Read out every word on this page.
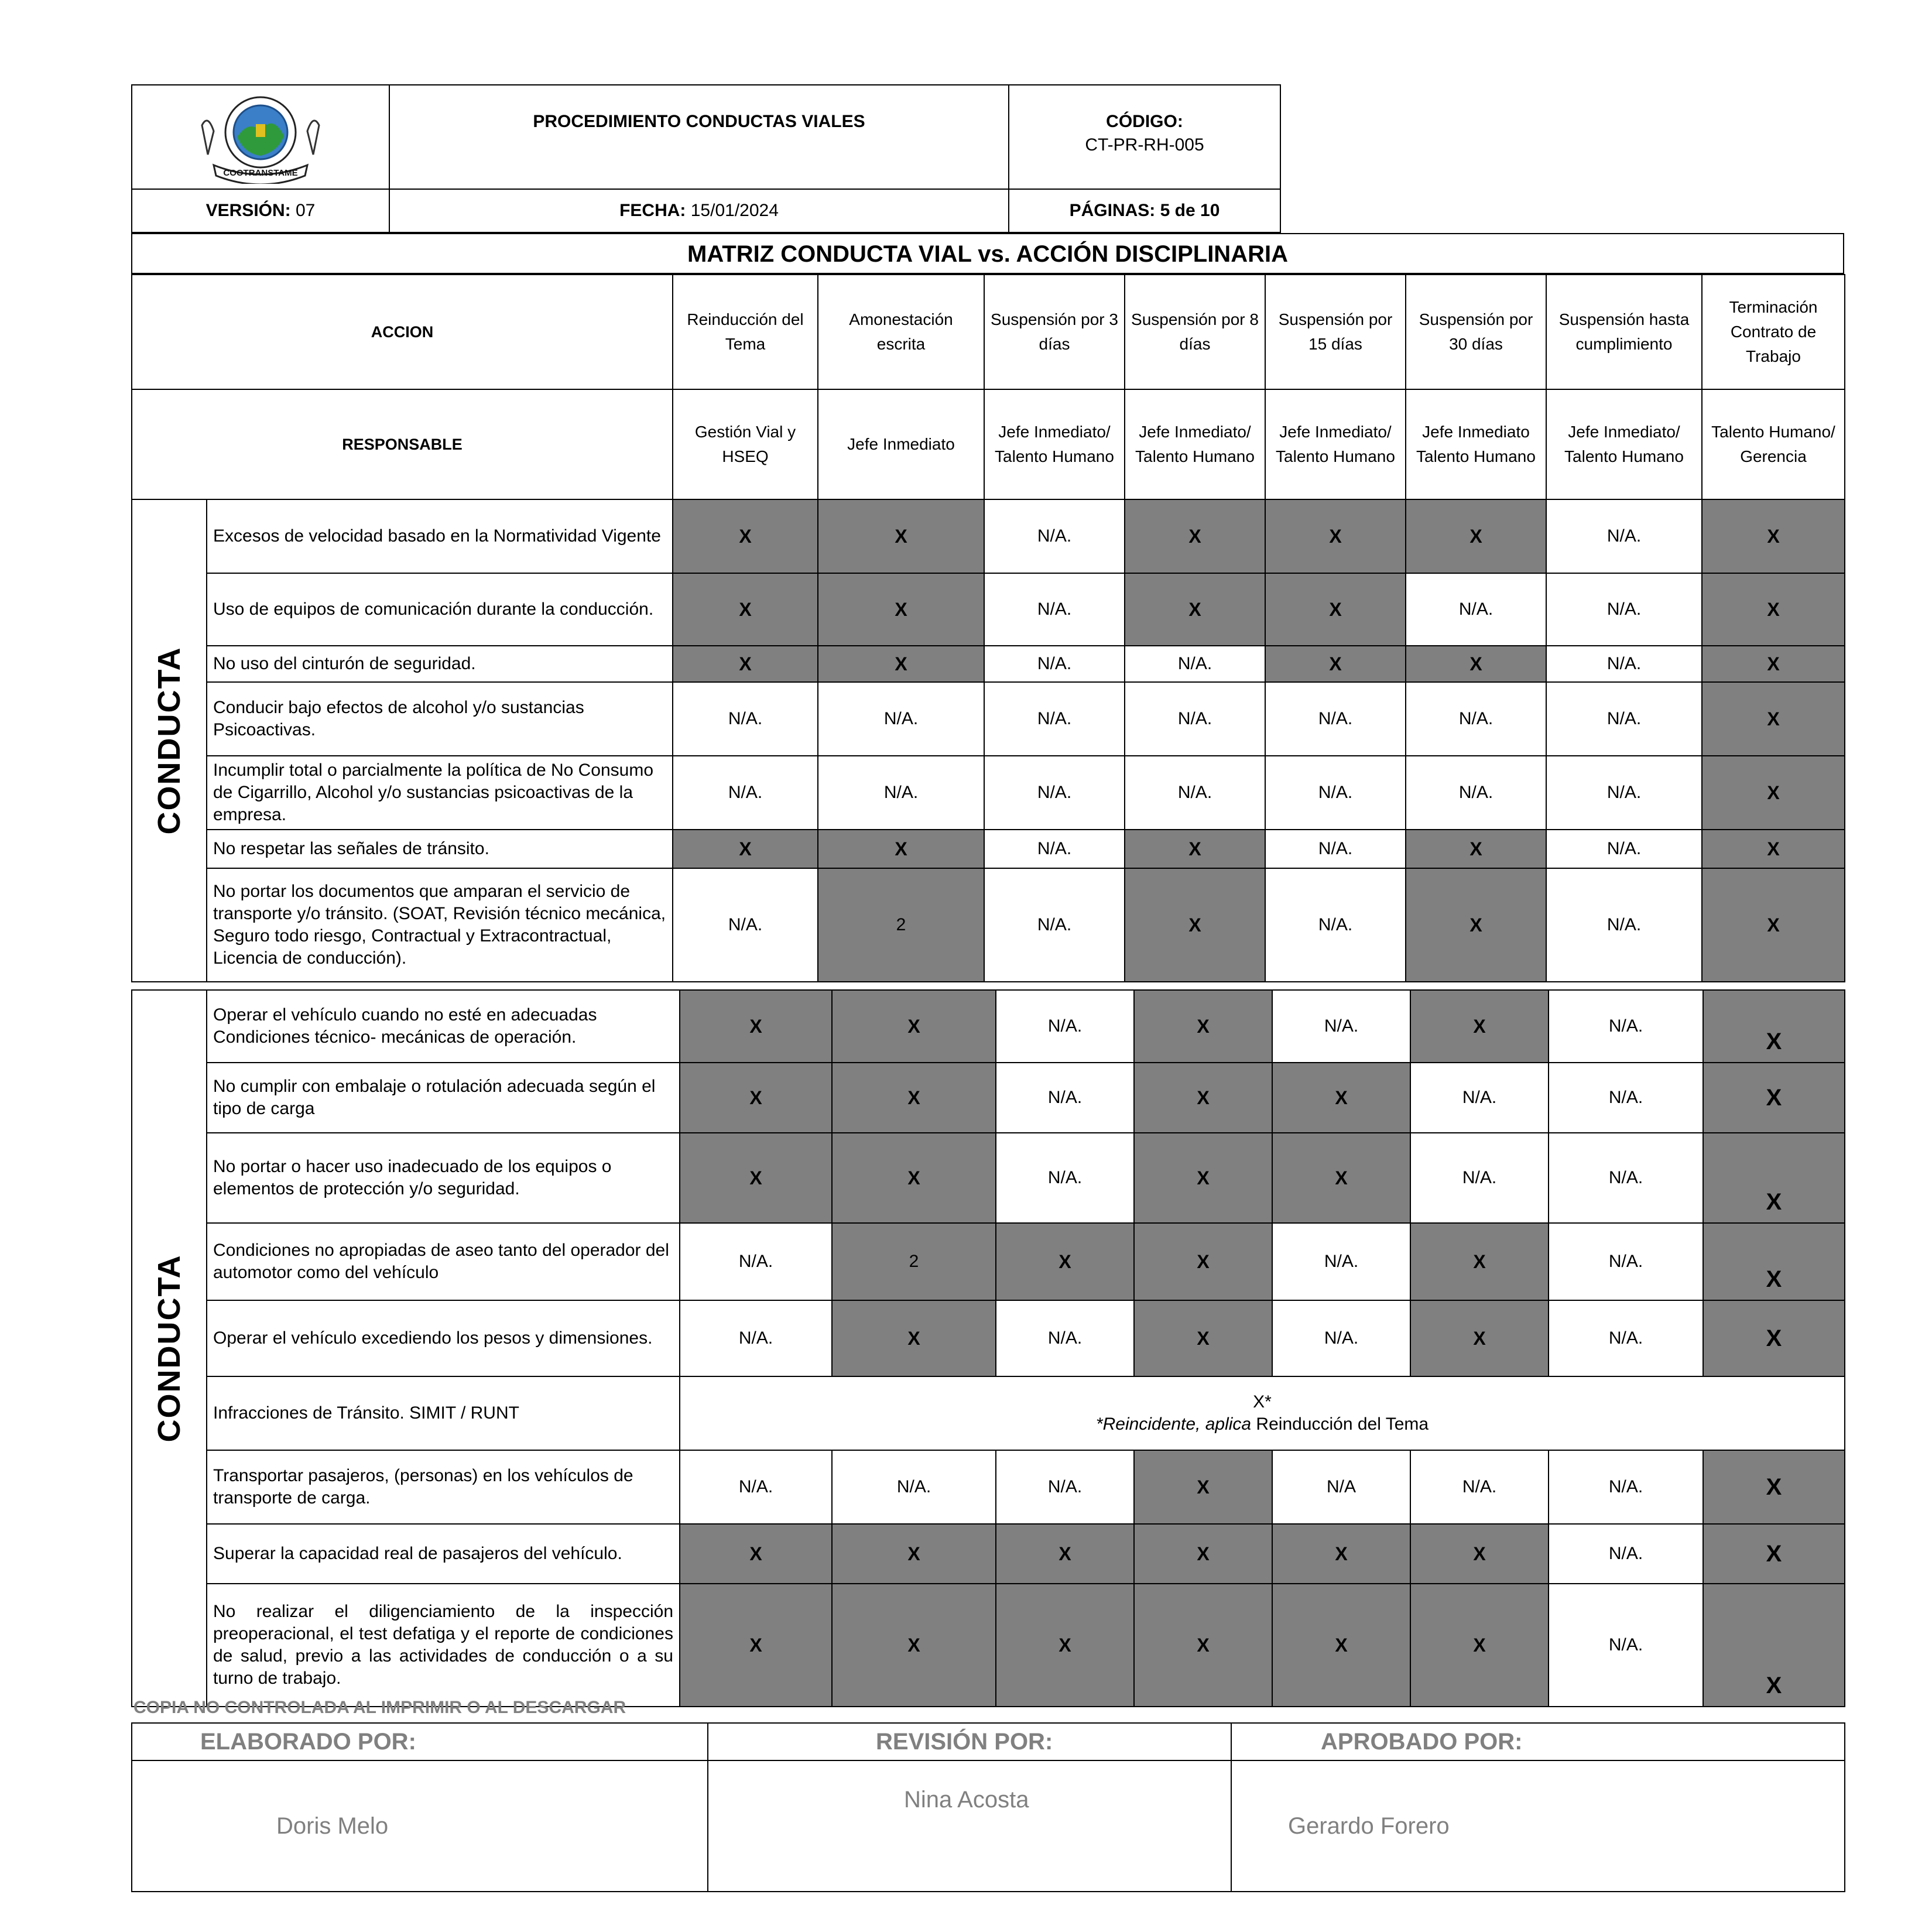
COOTRANSTAME	PROCEDIMIENTO CONDUCTAS VIALES	CÓDIGO:
CT-PR-RH-005
VERSIÓN: 07	FECHA: 15/01/2024	PÁGINAS: 5 de 10
MATRIZ CONDUCTA VIAL vs. ACCIÓN DISCIPLINARIA
ACCION		Reinducción del Tema	Amonestación escrita	Suspensión por 3 días	Suspensión por 8 días	Suspensión por 15 días	Suspensión por 30 días	Suspensión hasta cumplimiento	Terminación Contrato de Trabajo
RESPONSABLE		Gestión Vial y HSEQ	Jefe Inmediato	Jefe Inmediato/ Talento Humano	Jefe Inmediato/ Talento Humano	Jefe Inmediato/ Talento Humano	Jefe Inmediato Talento Humano	Jefe Inmediato/ Talento Humano	Talento Humano/ Gerencia

CONDUCTA	Excesos de velocidad basado en la Normatividad Vigente	X	X	N/A.	X	X	X	N/A.	X
	Uso de equipos de comunicación durante la conducción.	X	X	N/A.	X	X	N/A.	N/A.	X
	No uso del cinturón de seguridad.	X	X	N/A.	N/A.	X	X	N/A.	X
	Conducir bajo efectos de alcohol y/o sustancias Psicoactivas.	N/A.	N/A.	N/A.	N/A.	N/A.	N/A.	N/A.	X
	Incumplir total o parcialmente la política de No Consumo de Cigarrillo, Alcohol y/o sustancias psicoactivas de la empresa.	N/A.	N/A.	N/A.	N/A.	N/A.	N/A.	N/A.	X
	No respetar las señales de tránsito.	X	X	N/A.	X	N/A.	X	N/A.	X
	No portar los documentos que amparan el servicio de transporte y/o tránsito. (SOAT, Revisión técnico mecánica, Seguro todo riesgo, Contractual y Extracontractual, Licencia de conducción).	N/A.	2	N/A.	X	N/A.	X	N/A.	X
CONDUCTA	Operar el vehículo cuando no esté en adecuadas Condiciones técnico- mecánicas de operación.	X	X	N/A.	X	N/A.	X	N/A.	X
	No cumplir con embalaje o rotulación adecuada según el tipo de carga	X	X	N/A.	X	X	N/A.	N/A.	X
	No portar o hacer uso inadecuado de los equipos o elementos de protección y/o seguridad.	X	X	N/A.	X	X	N/A.	N/A.	X
	Condiciones no apropiadas de aseo tanto del operador del automotor como del vehículo	N/A.	2	X	X	N/A.	X	N/A.	X
	Operar el vehículo excediendo los pesos y dimensiones.	N/A.	X	N/A.	X	N/A.	X	N/A.	X
	Infracciones de Tránsito. SIMIT / RUNT	X*
*Reincidente, aplica Reinducción del Tema							
	Transportar pasajeros, (personas) en los vehículos de transporte de carga.	N/A.	N/A.	N/A.	X	N/A	N/A.	N/A.	X
	Superar la capacidad real de pasajeros del vehículo.	X	X	X	X	X	X	N/A.	X
	No realizar el diligenciamiento de la inspección preoperacional, el test defatiga y el reporte de condiciones de salud, previo a las actividades de conducción o a su turno de trabajo.	X	X	X	X	X	X	N/A.	X
COPIA NO CONTROLADA AL IMPRIMIR O AL DESCARGAR
ELABORADO POR:	REVISIÓN POR:	APROBADO POR:
Doris Melo	Nina Acosta	Gerardo Forero
